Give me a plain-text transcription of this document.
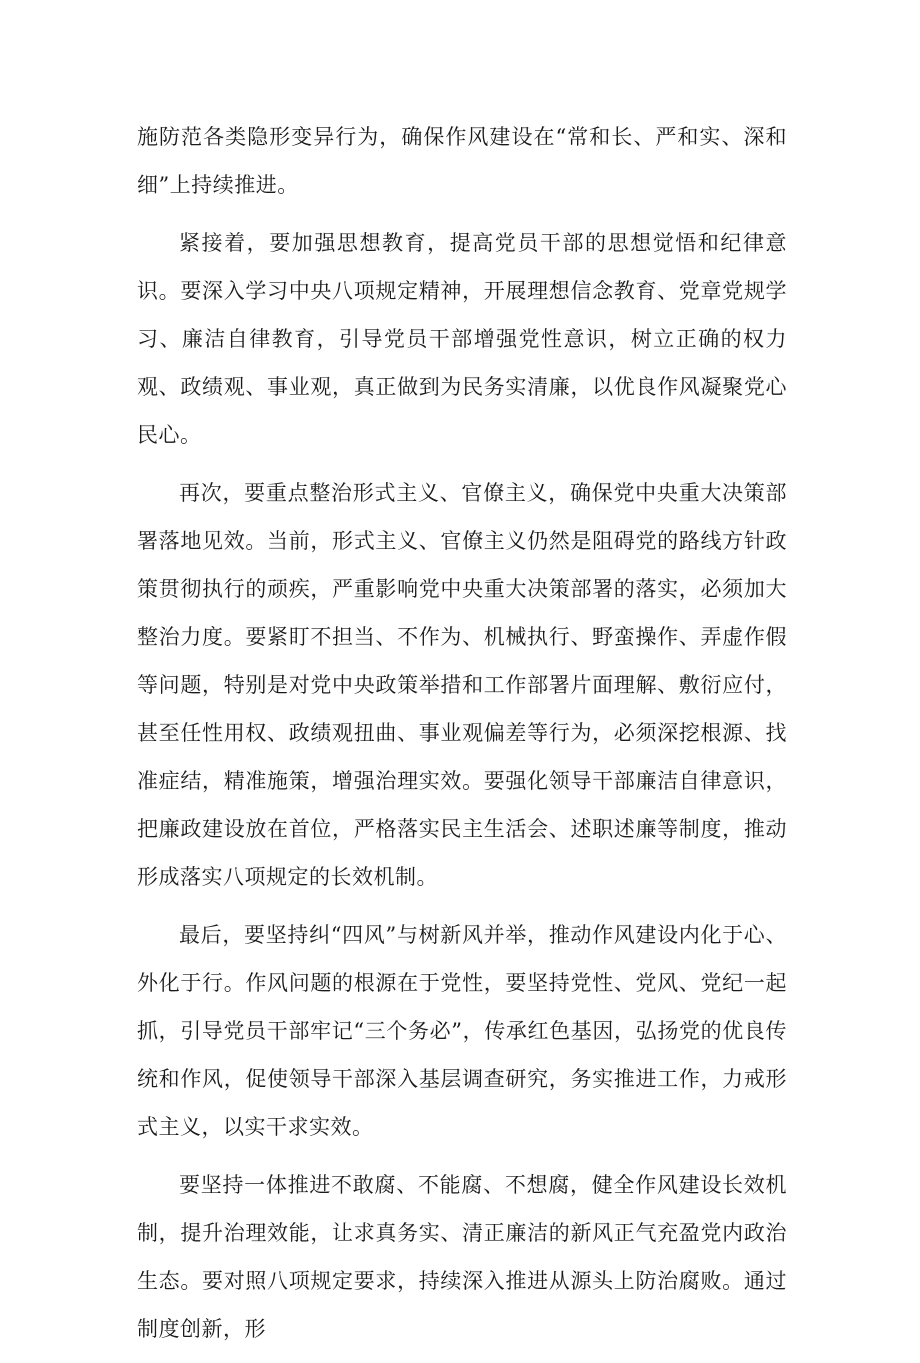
施防范各类隐形变异行为，确保作风建设在“常和长、严和实、深和细”上持续推进。

紧接着，要加强思想教育，提高党员干部的思想觉悟和纪律意识。要深入学习中央八项规定精神，开展理想信念教育、党章党规学习、廉洁自律教育，引导党员干部增强党性意识，树立正确的权力观、政绩观、事业观，真正做到为民务实清廉，以优良作风凝聚党心民心。

再次，要重点整治形式主义、官僚主义，确保党中央重大决策部署落地见效。当前，形式主义、官僚主义仍然是阻碍党的路线方针政策贯彻执行的顽疾，严重影响党中央重大决策部署的落实，必须加大整治力度。要紧盯不担当、不作为、机械执行、野蛮操作、弄虚作假等问题，特别是对党中央政策举措和工作部署片面理解、敷衍应付，甚至任性用权、政绩观扭曲、事业观偏差等行为，必须深挖根源、找准症结，精准施策，增强治理实效。要强化领导干部廉洁自律意识，把廉政建设放在首位，严格落实民主生活会、述职述廉等制度，推动形成落实八项规定的长效机制。

最后，要坚持纠“四风”与树新风并举，推动作风建设内化于心、外化于行。作风问题的根源在于党性，要坚持党性、党风、党纪一起抓，引导党员干部牢记“三个务必”，传承红色基因，弘扬党的优良传统和作风，促使领导干部深入基层调查研究，务实推进工作，力戒形式主义，以实干求实效。

要坚持一体推进不敢腐、不能腐、不想腐，健全作风建设长效机制，提升治理效能，让求真务实、清正廉洁的新风正气充盈党内政治生态。要对照八项规定要求，持续深入推进从源头上防治腐败。通过制度创新，形
